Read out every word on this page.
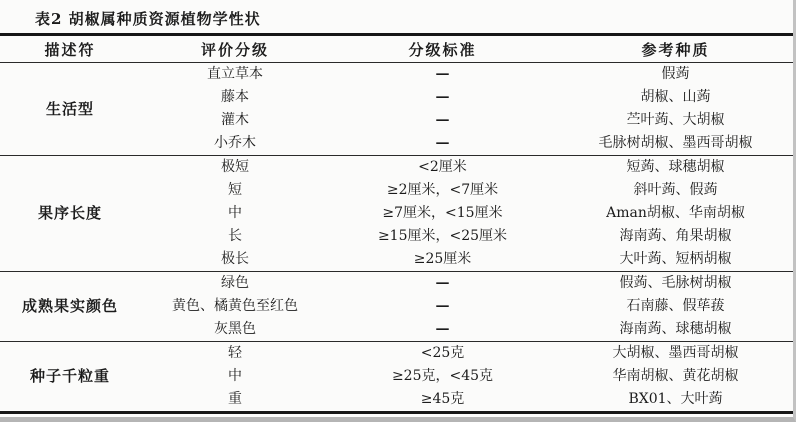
表2 胡椒属种质资源植物学性状
描述符	评价分级	分级标准	参考种质
生活型	直立草本	—	假蒟
	藤本	—	胡椒、山蒟
	灌木	—	苎叶蒟、大胡椒
	小乔木	—	毛脉树胡椒、墨西哥胡椒
果序长度	极短	<2厘米	短蒟、球穗胡椒
	短	≥2厘米，<7厘米	斜叶蒟、假蒟
	中	≥7厘米，<15厘米	Aman胡椒、华南胡椒
	长	≥15厘米，<25厘米	海南蒟、角果胡椒
	极长	≥25厘米	大叶蒟、短柄胡椒
成熟果实颜色	绿色	—	假蒟、毛脉树胡椒
	黄色、橘黄色至红色	—	石南藤、假荜菝
	灰黑色	—	海南蒟、球穗胡椒
种子千粒重	轻	<25克	大胡椒、墨西哥胡椒
	中	≥25克，<45克	华南胡椒、黄花胡椒
	重	≥45克	BX01、大叶蒟
